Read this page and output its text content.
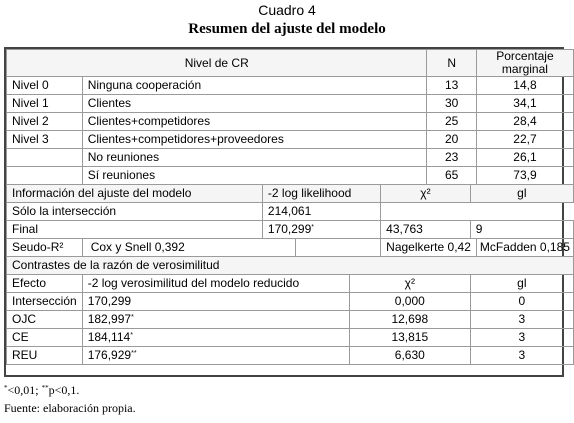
Cuadro 4
Resumen del ajuste del modelo
Nivel de CR						N		Porcentaje marginal
Nivel 0	Ninguna cooperación					13		14,8
Nivel 1	Clientes					30		34,1
Nivel 2	Clientes+competidores					25		28,4
Nivel 3	Clientes+competidores+proveedores					20		22,7
	No reuniones					23		26,1
	Sí reuniones					65		73,9
Información del ajuste del modelo		-2 log likelihood			χ²		gl	
Sólo la intersección		214,061						
Final		170,299*			43,763		9	
Seudo-R²	Cox y Snell 0,392				Nagelkerte 0,42			McFadden 0,185
Contrastes de la razón de verosimilitud								
Efecto	-2 log verosimilitud del modelo reducido			χ²			gl	
Intersección	170,299			0,000			0	
OJC	182,997*			12,698			3	
CE	184,114*			13,815			3	
REU	176,929**			6,630			3	
*<0,01; **p<0,1.
Fuente: elaboración propia.
